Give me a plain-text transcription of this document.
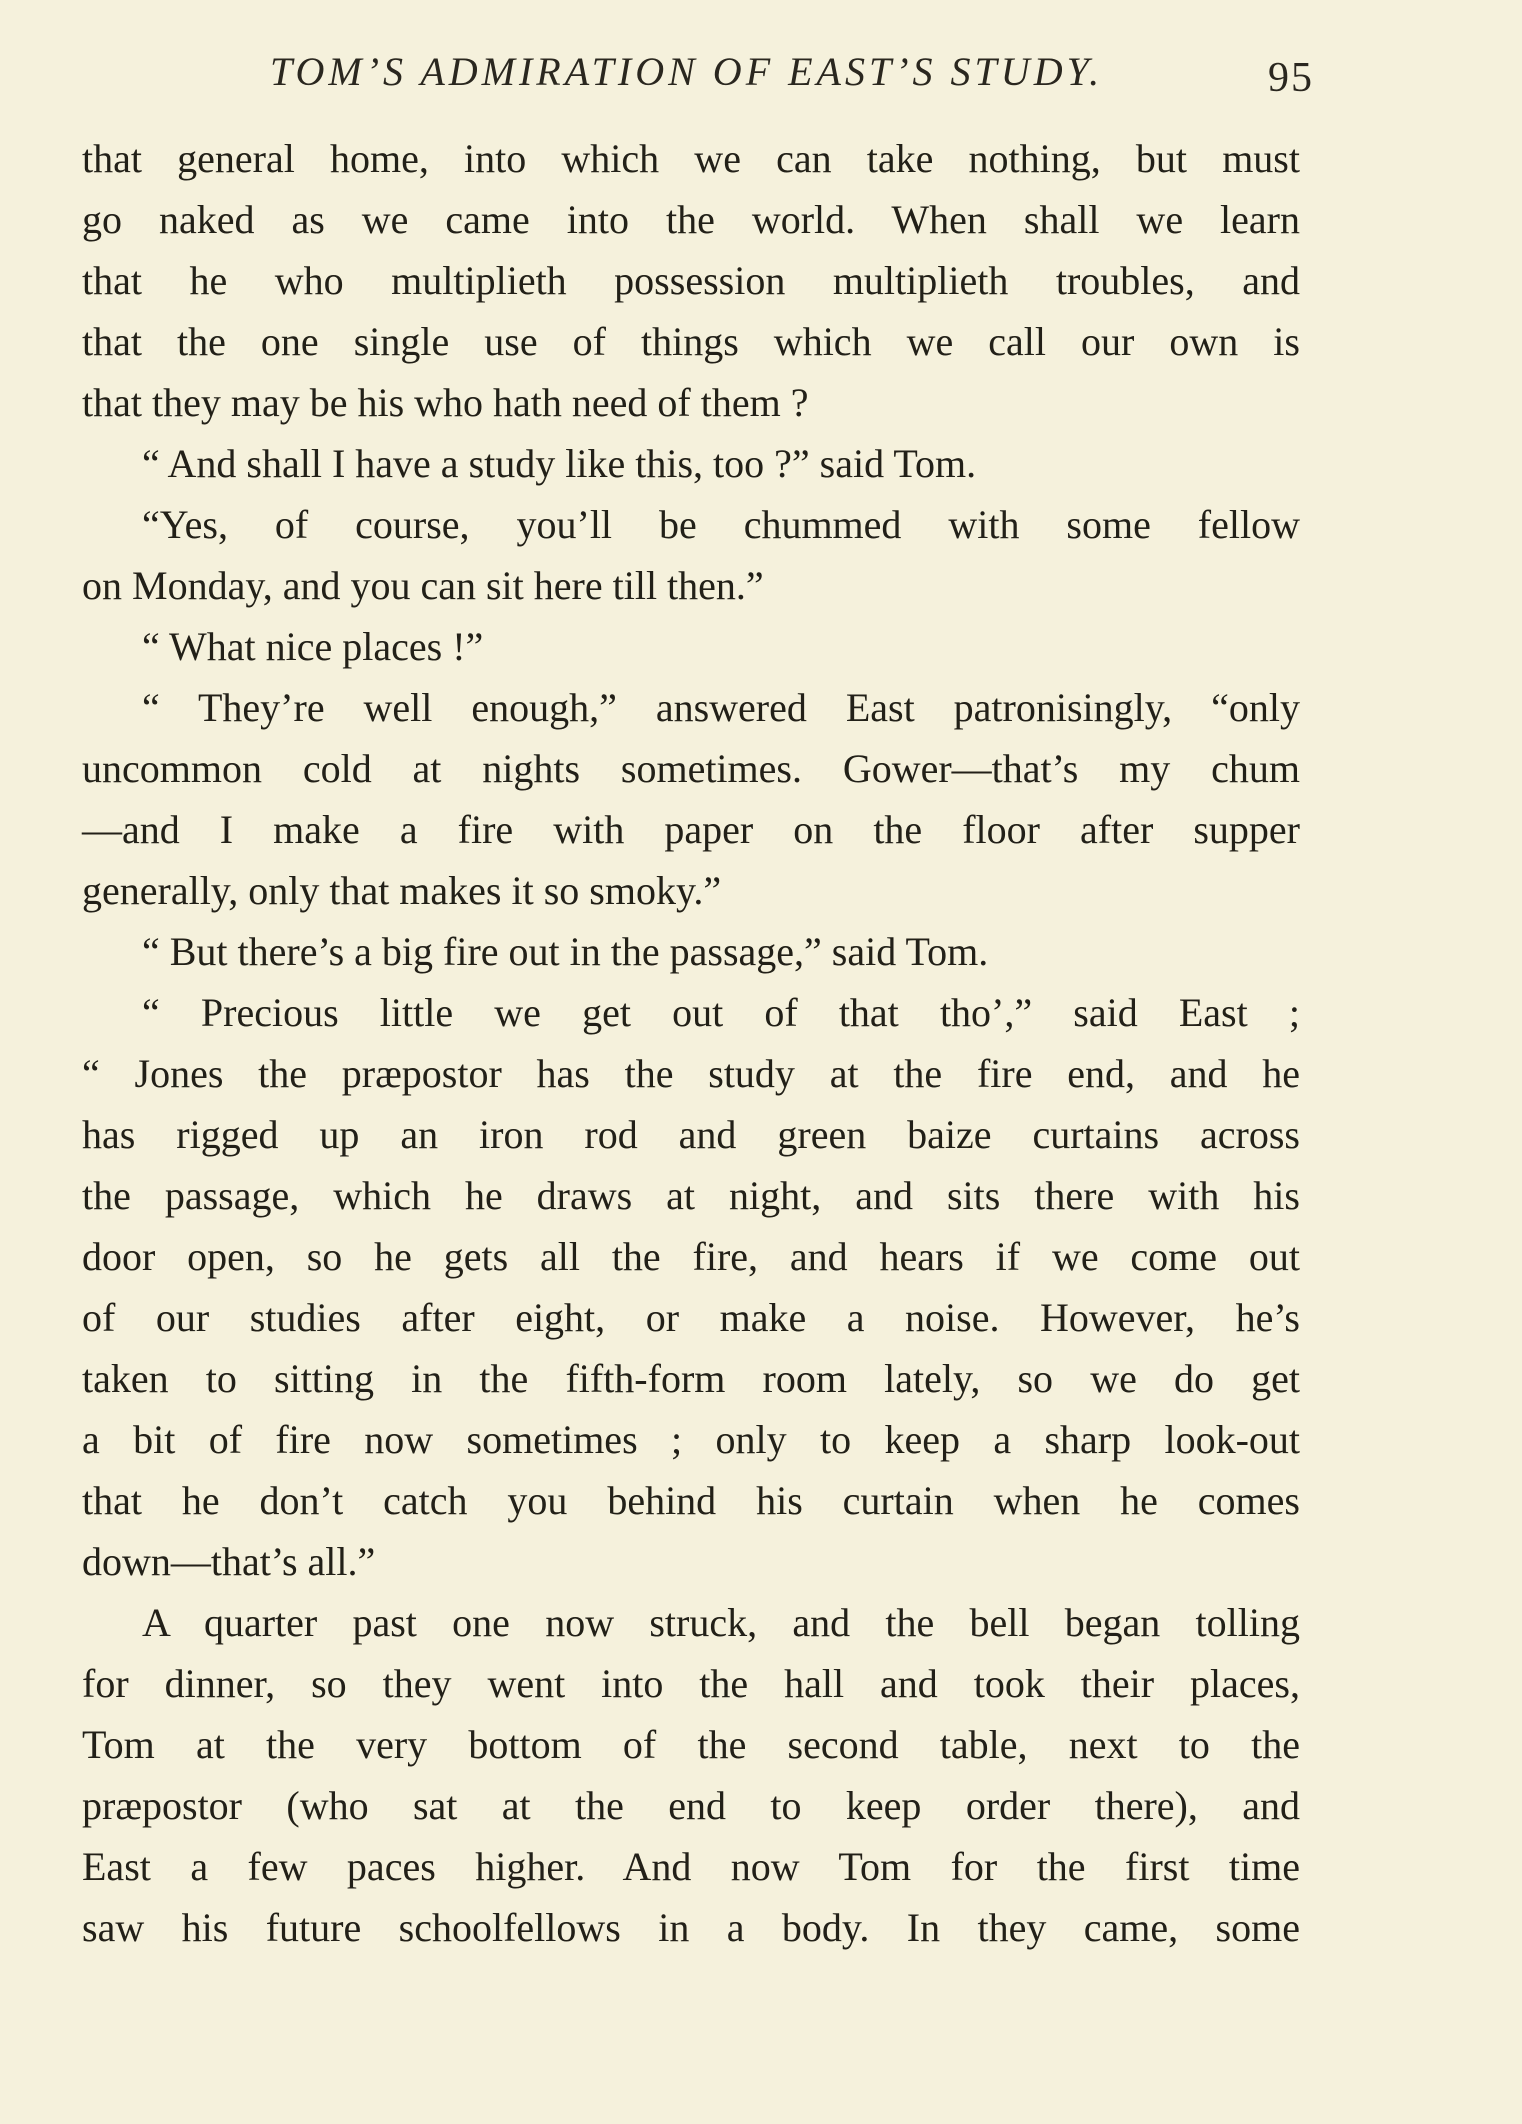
TOM’S ADMIRATION OF EAST’S STUDY.	95
that general home, into which we can take nothing, but must
go naked as we came into the world. When shall we learn
that he who multiplieth possession multiplieth troubles, and
that the one single use of things which we call our own is
that they may be his who hath need of them ?
“ And shall I have a study like this, too ?” said Tom.
“Yes, of course, you’ll be chummed with some fellow
on Monday, and you can sit here till then.”
“ What nice places !”
“ They’re well enough,” answered East patronisingly, “only
uncommon cold at nights sometimes. Gower—that’s my chum
—and I make a fire with paper on the floor after supper
generally, only that makes it so smoky.”
“ But there’s a big fire out in the passage,” said Tom.
“ Precious little we get out of that tho’,” said East ;
“ Jones the præpostor has the study at the fire end, and he
has rigged up an iron rod and green baize curtains across
the passage, which he draws at night, and sits there with his
door open, so he gets all the fire, and hears if we come out
of our studies after eight, or make a noise. However, he’s
taken to sitting in the fifth-form room lately, so we do get
a bit of fire now sometimes ; only to keep a sharp look-out
that he don’t catch you behind his curtain when he comes
down—that’s all.”
A quarter past one now struck, and the bell began tolling
for dinner, so they went into the hall and took their places,
Tom at the very bottom of the second table, next to the
præpostor (who sat at the end to keep order there), and
East a few paces higher. And now Tom for the first time
saw his future schoolfellows in a body. In they came, some
